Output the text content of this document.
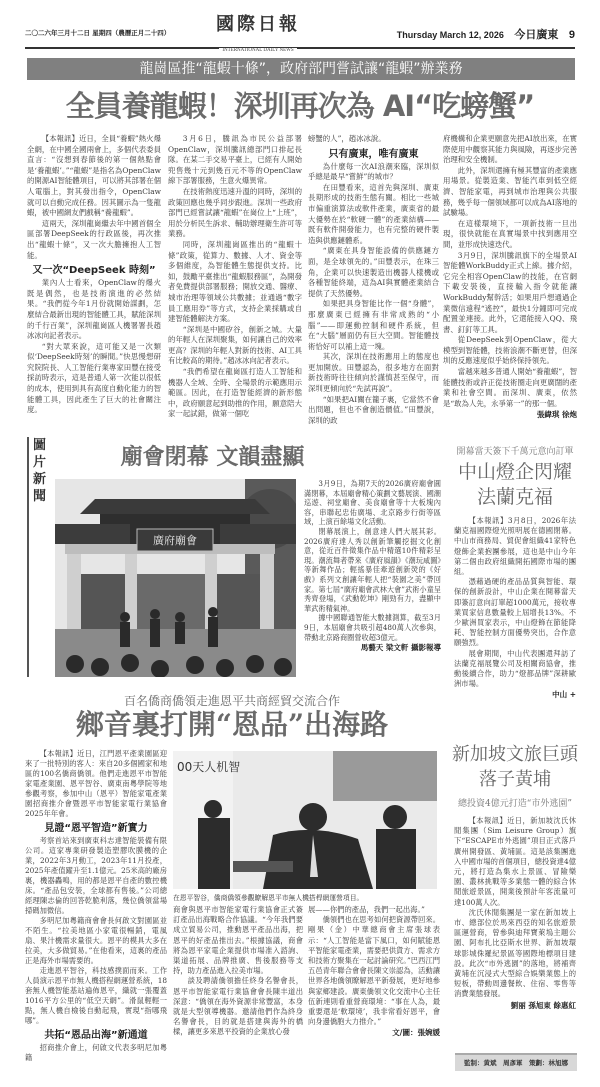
二〇二六年三月十二日 星期四（農曆正月二十四）	國際日報
INTERNATIONAL DAILY NEWS
Thursday March 12, 2026 今日廣東 9
龍崗區推“龍蝦十條”，政府部門嘗試讓“龍蝦”辦業務
全員養龍蝦！深圳再次為 AI“吃螃蟹”

【本報訊】近日，全員“養蝦”熱火爆全網，在中國全國兩會上，多個代表委員直言：“沒想到春節後的第一個熱點會是‘養龍蝦’。”“龍蝦”是指名為OpenClaw的開源AI智能體項目，可以將其部署在個人電腦上，對其發出指令，OpenClaw就可以自動完成任務。因其圖示為一隻龍蝦，被中國網友們戲稱“養龍蝦”。

這兩天，深圳龍崗繼去年中國首個全區部署DeepSeek的行政區後，再次推出“龍蝦十條”，又一次大膽擁抱人工智能。

又一次“DeepSeek 時刻”

業內人士看來，OpenClaw的爆火既是偶然，也是技術演進的必然結果。“我們從今年1月份就開始謀劃，怎麼結合最新出現的智能體工具，賦能深圳的千行百業”，深圳龍崗區人機署署長趙冰冰向記者表示。

“對大眾來說，這可能又是一次類似‘DeepSeek時刻’的瞬間。”快思慢想研究院院長、人工智能行業專家田豐在接受採訪時表示，這是普通人第一次能以很低的成本，使用到具有高度自動化能力的智能體工具，因此產生了巨大的社會關注度。

3月6日，騰訊為市民公益部署OpenClaw，深圳騰訊總部門口排起長隊。在某二手交易平臺上，已經有人開始兜售幾十元到幾百元不等的OpenClaw線下部署服務，生意火爆異常。

在技術熱度迅速升溫的同時，深圳的政策回應也幾乎同步跟進。深圳一些政府部門已經嘗試讓“龍蝦”在崗位上“上班”，用於分析民生訴求、輔助辦理衛生許可等業務。

同時，深圳龍崗區推出的“龍蝦十條”政策，從算力、數據、人才、資金等多個維度，為智能體生態提供支持。比如，鼓勵平臺推出“龍蝦服務區”，為開發者免費提供部署服務；開放交通、醫療、城市治理等領域公共數據；並通過“數字員工應用券”等方式，支持企業採購或自建智能體解決方案。

“深圳是中國矽谷，創新之城。大量的年輕人在深圳聚集，如何讓自己的效率更高？深圳的年輕人對新的技術、AI工具有比較高的期待。”趙冰冰向記者表示。

“我們希望在龍崗區打造人工智能和機器人全域、全時、全場景的示範應用示範區。因此，在打造智能經濟的新形態中，政府願意起到助推的作用，願意陪大家一起試錯，做第一個吃

螃蟹的人”，趙冰冰說。

只有廣東，唯有廣東

為什麼每一次AI浪潮來臨，深圳似乎總是最早“嘗鮮”的城市？

在田豐看來，這首先與深圳、廣東長期形成的技術生態有關。相比一些城市偏重演算法或軟件產業，廣東省的最大優勢在於“軟硬一體”的產業結構——既有軟件開發能力，也有完整的硬件製造與供應鏈體系。

“廣東在具身智能設備的供應鏈方面，是全球領先的。”田豐表示，在珠三角，企業可以快速製造出機器人樣機或各種智能終端，這為AI與實體產業結合提供了天然優勢。

如果把具身智能比作一個“身體”，那麼廣東已經擁有非常成熟的“小腦”——即運動控制和硬件系統，但在“大腦”層面仍有巨大空間。智能體技術恰好可以補上這一塊。

其次，深圳在技術應用上的態度也更加開放。田豐認為，很多地方在面對新技術時往往傾向於謹慎甚至保守，而深圳更傾向於“先試再說”。

“如果把AI關在籠子裏，它當然不會出問題，但也不會創造價值。”田豐說，深圳的政

府機構和企業更願意先把AI放出來，在實際使用中觀察其能力與風險，再逐步完善治理和安全機制。

此外，深圳還擁有極其豐富的產業應用場景。從製造業、智能汽車到低空經濟、智能家電，再到城市治理與公共服務，幾乎每一個領域都可以成為AI落地的試驗場。

在這樣環境下，一項新技術一旦出現，很快就能在真實場景中找到應用空間，並形成快速迭代。

3月9日，深圳騰訊旗下的全場景AI智能體WorkBuddy正式上線。據介紹，它完全相容OpenClaw的技能，在官網下載安裝後，直接輸入指令就能讓WorkBuddy幫幹活；如果用戶想通過企業微信遠程“遙控”，最快1分鐘即可完成配置並連接。此外，它還能接入QQ、飛書、釘釘等工具。

從DeepSeek到OpenClaw，從大模型到智能體，技術浪潮不斷更替，但深圳的反應速度似乎始終保持領先。

當越來越多普通人開始“養龍蝦”，智能體技術或許正從技術圈走向更廣闊的產業和社會空間。而深圳、廣東，依然是“敢為人先，永爭第一”的那一個。

張緯琪 徐炮
圖
片
新
聞
廟會閉幕 文韻盡顯
廣府廟會

3月9日，為期7天的2026廣府廟會圓滿閉幕，本屆廟會精心策劃文藝展演、國潮巡遊、祠堂廟會、美食廟會等十大板塊內容，串聯起忠佑廣場、北京路步行街等區域，上演百餘場文化活動。

閉幕展演上，創意達人們大展其彩。2026廣府達人秀以創新筆觸挖掘文化創意，從近百件徵集作品中精選10件精彩呈現。潮流舞者帶來《廣府風韻》《潮玩咸圖》等新舞作品；輕搖暴佳牽遊創新熒的《好戲》系列文創讓年輕人把“裝園之美”帶回家。第七屆“廣府廟會武林大會”武術小童呈秀齊登場，《武動乾坤》剛勁有力，盡顯中華武術精氣神。

據中國聯通智能大數據測算，截至3月9日，本屆廟會共吸引超480萬人次參與，帶動北京路商圈營收超3億元。

馬藝天 梁文軒 攝影報導
開幕當天簽下千萬元意向訂單
中山燈企閃耀
法蘭克福

【本報訊】3月8日，2026年法蘭克福國際燈光照明展在德國閉幕。中山市商務局、貿促會組織41家特色燈飾企業抱團參展，這也是中山今年第二個由政府組織開拓國際市場的團組。

憑藉過硬的產品品質與智能、環保的創新設計，中山企業在開幕當天即簽訂意向訂單超1000萬元，接收專業買家信息數量較上屆增長13%。不少歐洲買家表示，中山燈飾在節能降耗、智能控制方面優勢突出，合作意願強烈。

展會期間，中山代表團還拜訪了法蘭克福展覽公司及相關商協會，推動後續合作，助力“燈都品牌”深耕歐洲市場。

中山 +
新加坡文旅巨頭
落子黃埔
總投資4億元打造“市外逃園”

【本報訊】近日，新加坡沈氏休閒集團（Sim Leisure Group）旗下“ESCAPE市外逃園”項目正式落戶廣州開發區、黃埔區。這是該集團進入中國市場的首個項目，總投資達4億元，將打造為集水上景區、冒險樂園、叢林挑戰等多業態一體的綜合休閒旅遊景區，開業後預計年客流量可達100萬人次。

沈氏休閒集團是一家在新加坡上市、總部位於馬來西亞的知名旅遊景區運營商，曾參與迪拜寶萊塢主題公園、阿布扎比亞斯水世界、新加坡環球影城侏羅紀景區等國際地標項目建設。此次“市外逃園”的落地，將補齊黃埔在沉浸式大型綜合娛樂業態上的短板，帶動周邊餐飲、住宿、零售等消費業態發展。

劉丽 孫旭東 餘惠紅
監制：黄斌　周彥軍　策劃：林旭娜
百名僑商僑領走進恩平共商經貿交流合作
鄉音裏打開“恩品”出海路

【本報訊】近日，江門恩平產業園區迎來了一批特別的客人：來自20多個國家和地區的100名僑商僑領。他們走進恩平市智能家電產業園、恩平智谷、廣東南粵學院等地參觀考察，參加中山（恩平）智能家電產業園招商推介會暨恩平市智能家電行業協會2025年年會。

見證“恩平智造”新實力

考察首站來到廣東科志達智能裝備有限公司。這家專業研發製造塑膠吹膜機的企業，2022年3月動工，2023年11月投產，2025年產值躍升至1.1億元。25米高的廠房裏，機器轟鳴，用的都是恩平自產的數控機床。“產品包安裝，全球都有售後。”公司總經理陳志倫的回答乾脆利落，幾位僑領當場掃碼加微信。

多明尼加粵籍商會會長何啟文對園區並不陌生。“拉美地區小家電很暢銷，電風扇、果汁機需求量很大。恩平的模具大多在拉美，大多做貿易。”在他看來，這裏的產品正是海外市場需要的。

走進恩平智谷，科技感撲面而來。工作人員演示恩平市無人機搭程網運營系統，18套無人機智能基站遍佈恩平，織就一張覆蓋1016平方公里的“低空天網”。滑鼠輕輕一點，無人機自檢後自動起飛，實現“指哪飛哪”。

共拓“恩品出海”新通道

招商推介會上，何啟文代表多明尼加粵籍

00天人机智
在恩平智谷，僑商僑領參觀瞭解恩平市無人機搭桿網運營項目。

商會與恩平市智能家電行業協會正式簽訂產品出海戰略合作協議。“今年我們要成立貿易公司，推動恩平產品出海，把恩平的好產品推出去。”根據協議，商會將為恩平家電企業提供市場准入諮詢、渠道拓展、品牌推廣、售後服務等支持，助力產品進入拉美市場。

談及聘請僑領擔任終身名譽會長，恩平市智能家電行業協會會長陳丰道出深意：“僑領在海外資源非常豐富，本身就是大型領導機器。邀請他們作為終身名譽會長，目的就是搭建與海外的橋樑，讓更多來恩平投資的企業放心發

展——你們的產品，我們一起出海。”

僑領們也在思考如何把資源帶回來。剛果（金）中華總商會主席張球表示：“人工智能是當下風口，如何賦能恩平智能家電產業，需要把供貨方、需求方和技術方聚集在一起討論研究。”巴西江門五邑青年聯合會會長陳文崇認為，活動讓世界各地僑領瞭解恩平新發展，更好地參與家鄉建設。廣東僑領文化交流中心主任伍新連則看重營商環境：“事在人為，最重要還是‘軟環境’，我非常看好恩平，會向身邊僑胞大力推介。”

文/圖：張婉媛
